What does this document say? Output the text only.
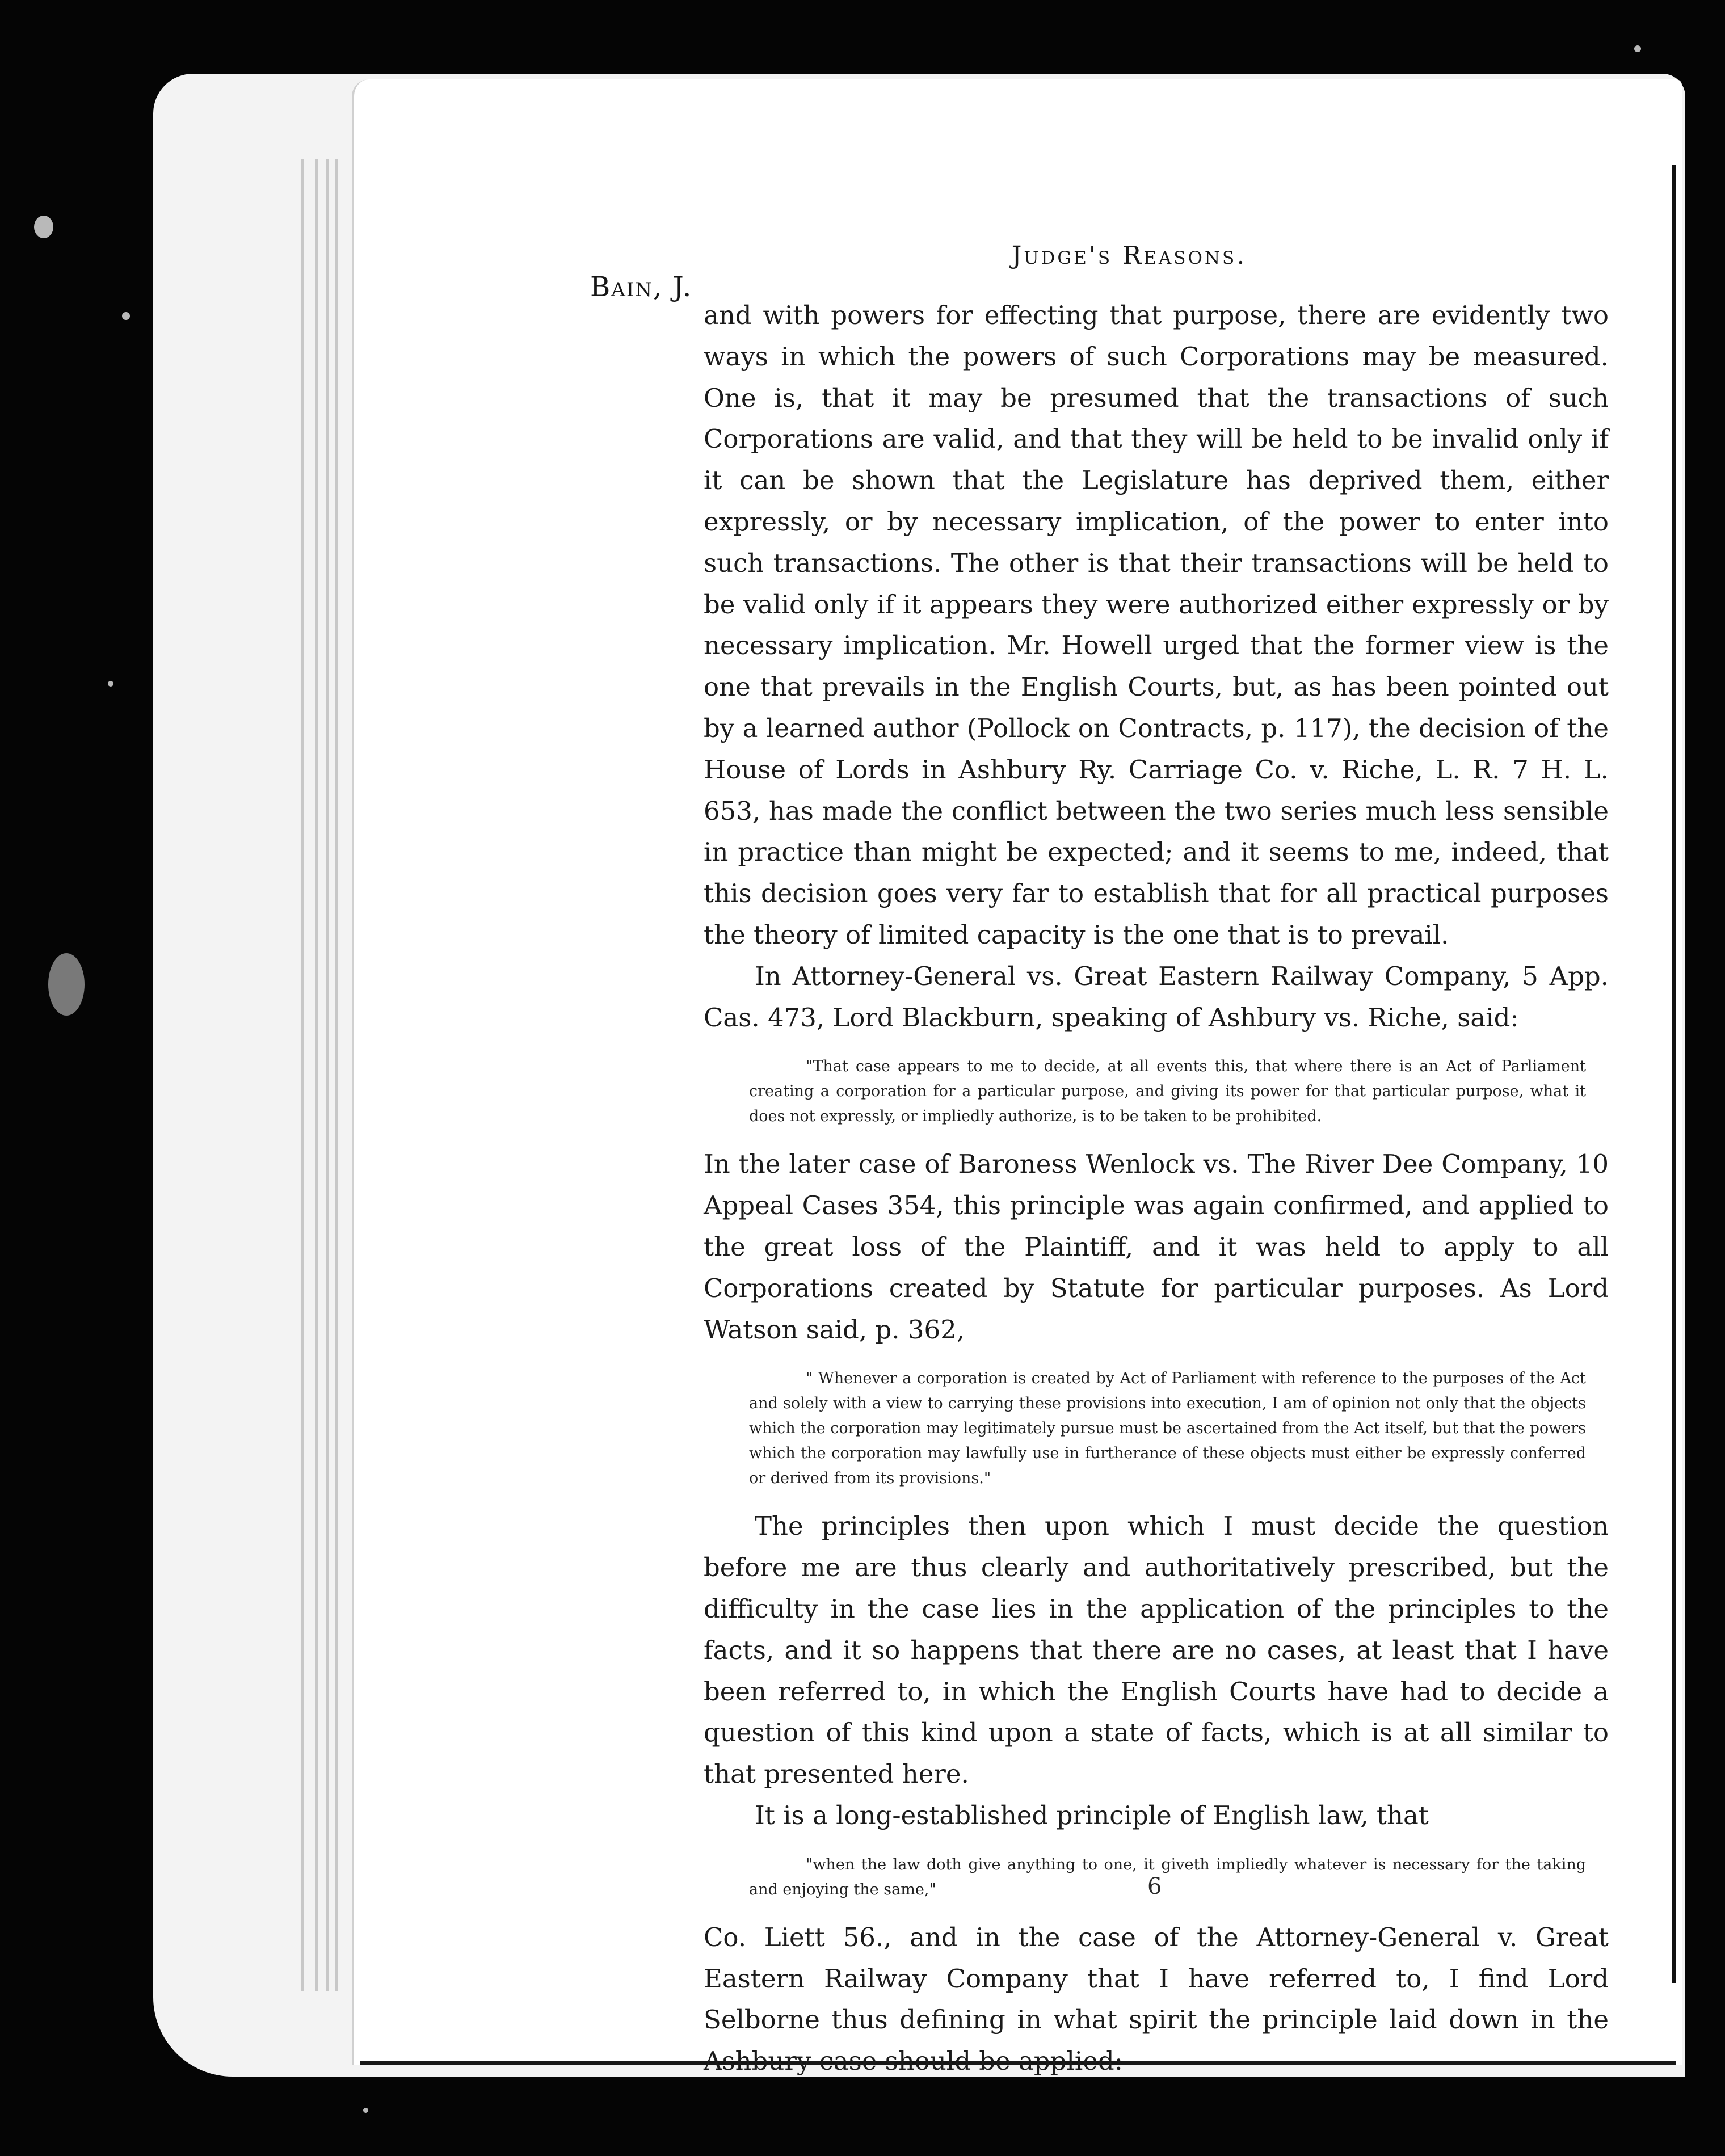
Judge's Reasons.
Bain, J.

and with powers for effecting that purpose, there are evidently two ways in which the powers of such Corporations may be measured. One is, that it may be presumed that the transactions of such Corporations are valid, and that they will be held to be invalid only if it can be shown that the Legislature has deprived them, either expressly, or by necessary implication, of the power to enter into such transactions. The other is that their transactions will be held to be valid only if it appears they were authorized either expressly or by necessary implication. Mr. Howell urged that the former view is the one that prevails in the English Courts, but, as has been pointed out by a learned author (Pollock on Contracts, p. 117), the decision of the House of Lords in Ashbury Ry. Carriage Co. v. Riche, L. R. 7 H. L. 653, has made the conflict between the two series much less sensible in practice than might be expected; and it seems to me, indeed, that this decision goes very far to establish that for all practical purposes the theory of limited capacity is the one that is to prevail.

In Attorney-General vs. Great Eastern Railway Company, 5 App. Cas. 473, Lord Blackburn, speaking of Ashbury vs. Riche, said:

"That case appears to me to decide, at all events this, that where there is an Act of Parliament creating a corporation for a particular purpose, and giving its power for that particular purpose, what it does not expressly, or impliedly authorize, is to be taken to be prohibited.

In the later case of Baroness Wenlock vs. The River Dee Company, 10 Appeal Cases 354, this principle was again confirmed, and applied to the great loss of the Plaintiff, and it was held to apply to all Corporations created by Statute for particular purposes. As Lord Watson said, p. 362,

" Whenever a corporation is created by Act of Parliament with reference to the purposes of the Act and solely with a view to carrying these provisions into execution, I am of opinion not only that the objects which the corporation may legitimately pursue must be ascertained from the Act itself, but that the powers which the corporation may lawfully use in furtherance of these objects must either be expressly conferred or derived from its provisions."

The principles then upon which I must decide the question before me are thus clearly and authoritatively prescribed, but the difficulty in the case lies in the application of the principles to the facts, and it so happens that there are no cases, at least that I have been referred to, in which the English Courts have had to decide a question of this kind upon a state of facts, which is at all similar to that presented here.

It is a long-established principle of English law, that

"when the law doth give anything to one, it giveth impliedly whatever is necessary for the taking and enjoying the same,"

Co. Liett 56., and in the case of the Attorney-General v. Great Eastern Railway Company that I have referred to, I find Lord Selborne thus defining in what spirit the principle laid down in the Ashbury case should be applied:

6
